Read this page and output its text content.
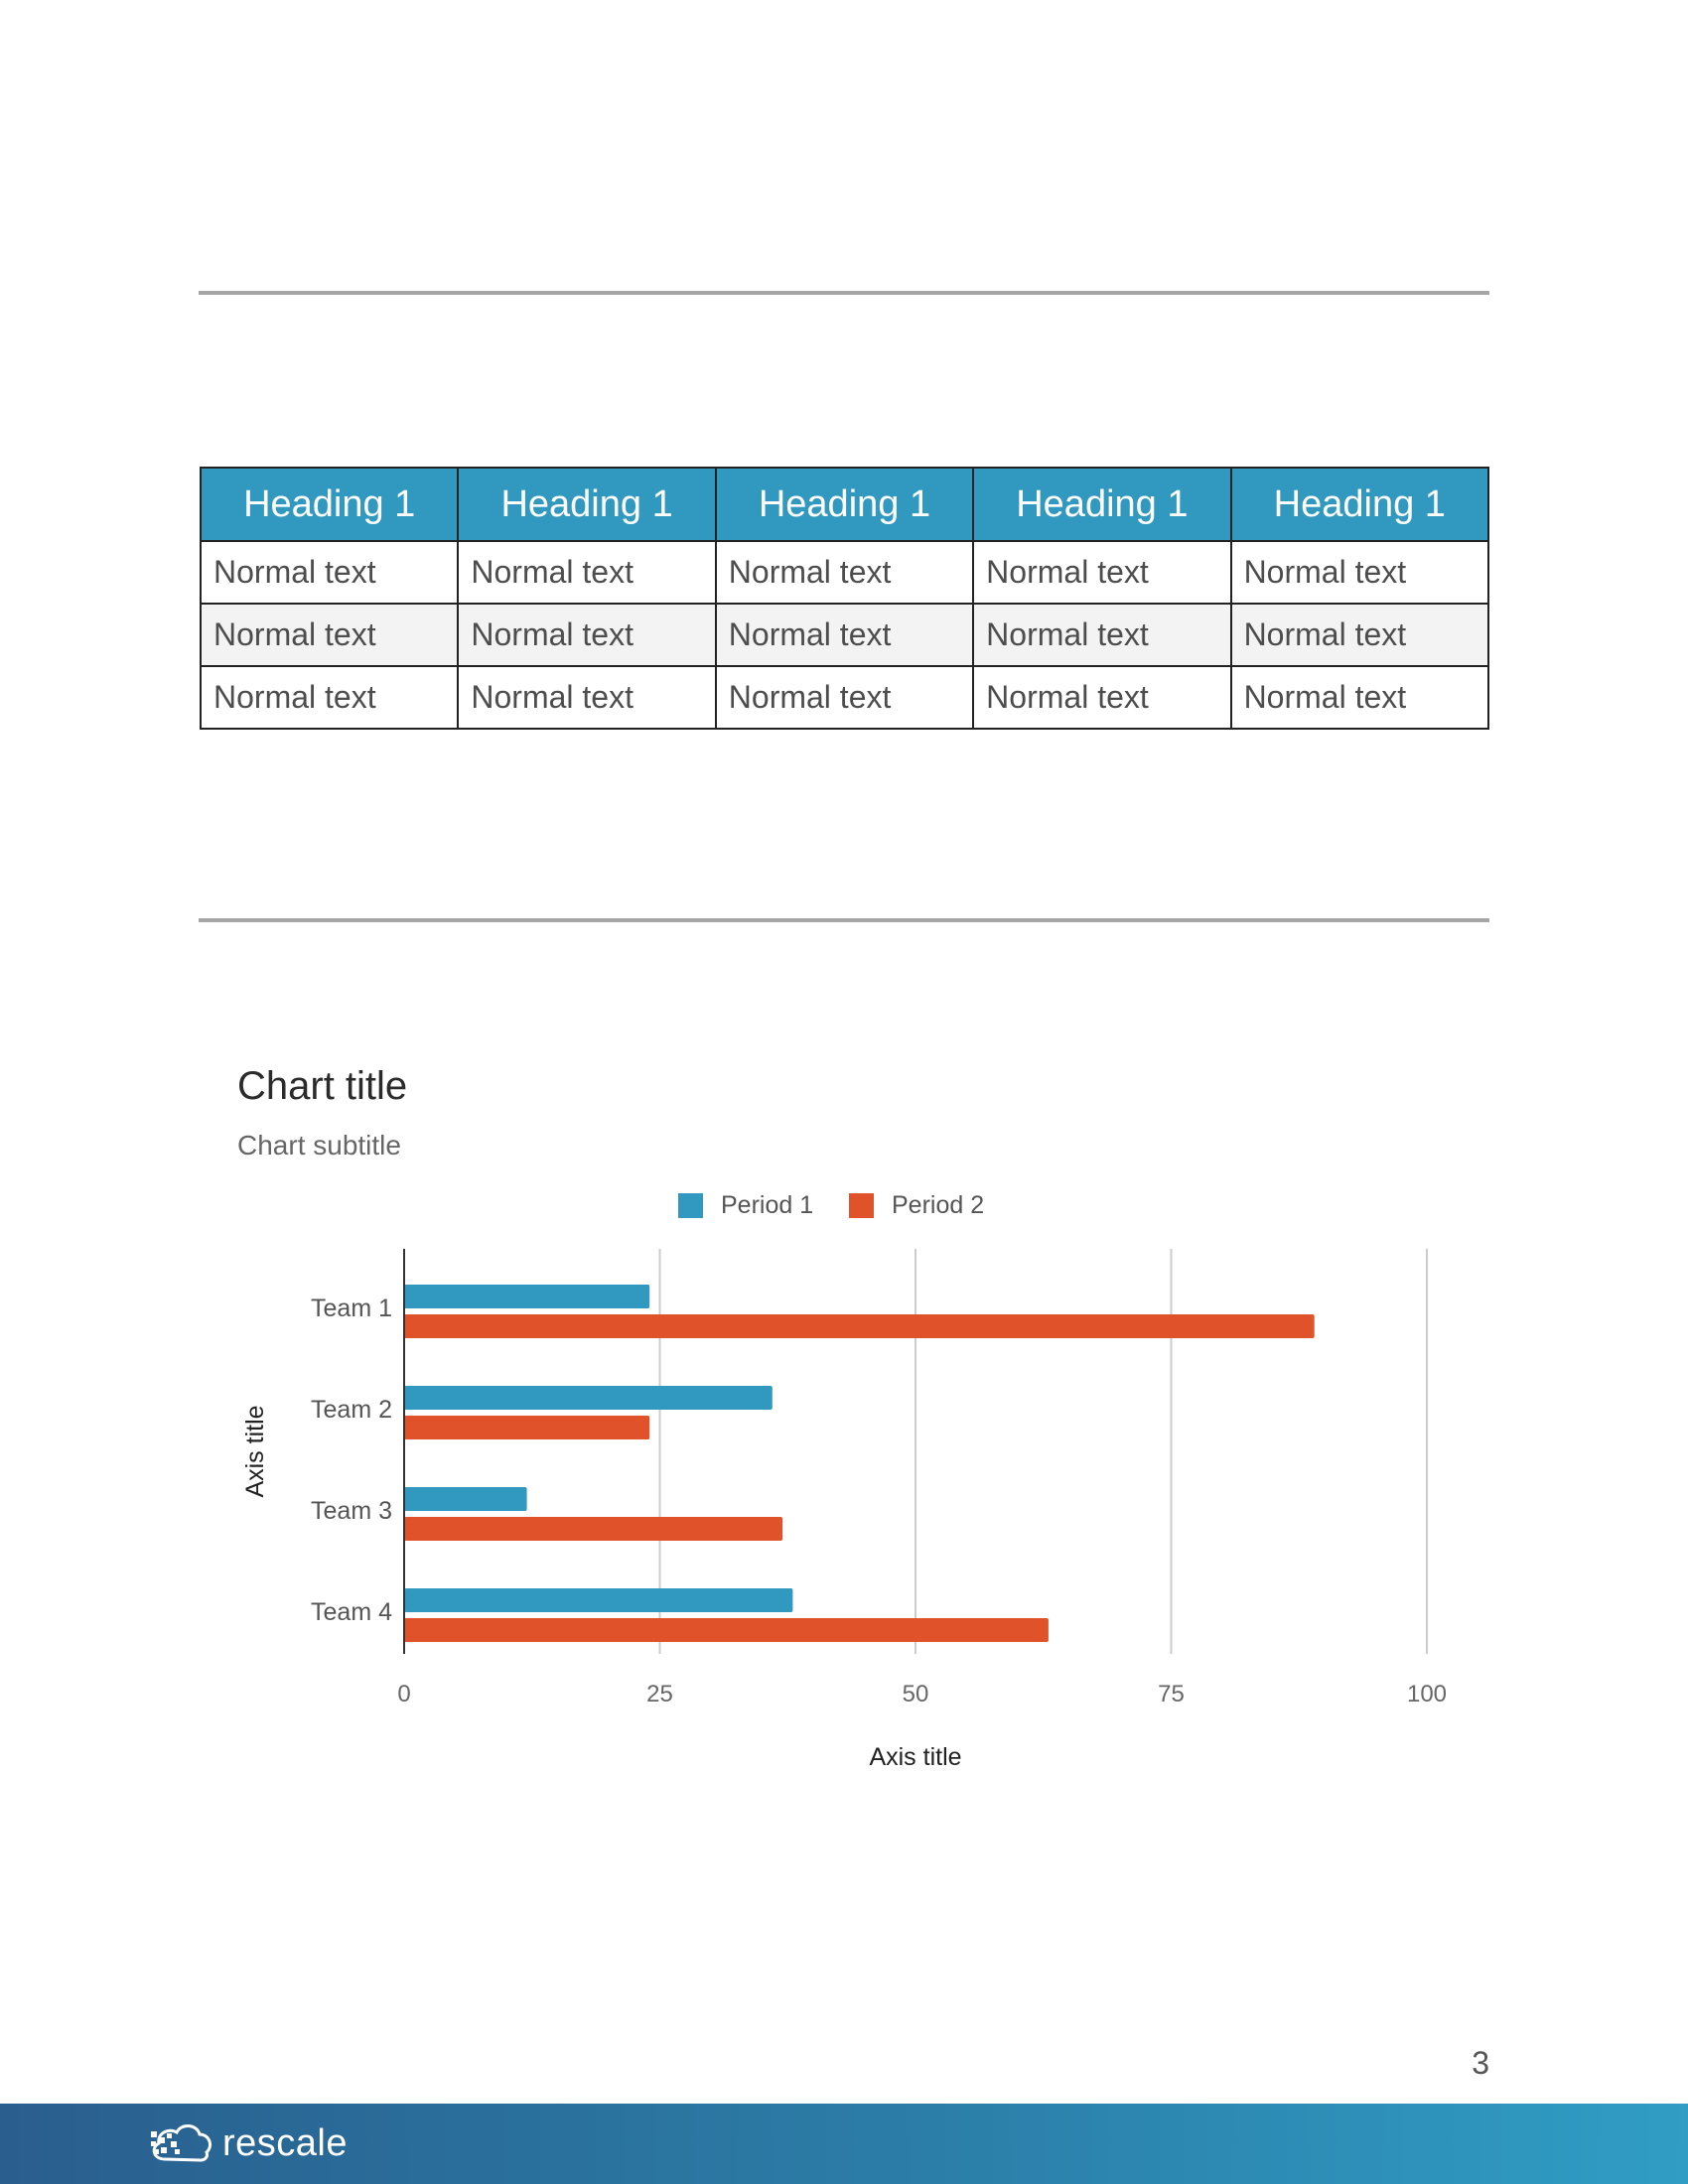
Heading 1	Heading 1	Heading 1	Heading 1	Heading 1
Normal text	Normal text	Normal text	Normal text	Normal text
Normal text	Normal text	Normal text	Normal text	Normal text
Normal text	Normal text	Normal text	Normal text	Normal text
Chart title
Chart subtitle
Period 1	Period 2
0	25	50	75	100
Team 1
Team 2
Team 3
Team 4
Axis title
Axis title
3
rescale
